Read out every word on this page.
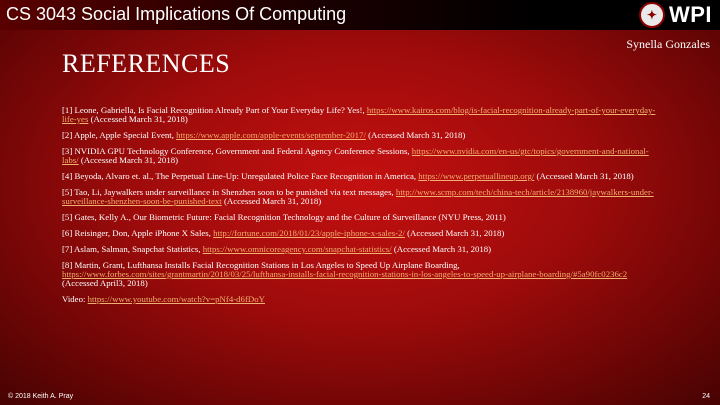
CS 3043 Social Implications Of Computing	✦ WPI
Synella Gonzales
REFERENCES
[1] Leone, Gabriella, Is Facial Recognition Already Part of Your Everyday Life? Yes!, https://www.kairos.com/blog/is-facial-recognition-already-part-of-your-everyday-life-yes (Accessed March 31, 2018)
[2] Apple, Apple Special Event, https://www.apple.com/apple-events/september-2017/ (Accessed March 31, 2018)
[3] NVIDIA GPU Technology Conference, Government and Federal Agency Conference Sessions, https://www.nvidia.com/en-us/gtc/topics/government-and-national-labs/ (Accessed March 31, 2018)
[4] Beyoda, Alvaro et. al., The Perpetual Line-Up: Unregulated Police Face Recognition in America, https://www.perpetuallineup.org/ (Accessed March 31, 2018)
[5] Tao, Li, Jaywalkers under surveillance in Shenzhen soon to be punished via text messages, http://www.scmp.com/tech/china-tech/article/2138960/jaywalkers-under-surveillance-shenzhen-soon-be-punished-text (Accessed March 31, 2018)
[5] Gates, Kelly A., Our Biometric Future: Facial Recognition Technology and the Culture of Surveillance (NYU Press, 2011)
[6] Reisinger, Don, Apple iPhone X Sales, http://fortune.com/2018/01/23/apple-iphone-x-sales-2/ (Accessed March 31, 2018)
[7] Aslam, Salman, Snapchat Statistics, https://www.omnicoreagency.com/snapchat-statistics/ (Accessed March 31, 2018)
[8] Martin, Grant, Lufthansa Installs Facial Recognition Stations in Los Angeles to Speed Up Airplane Boarding, https://www.forbes.com/sites/grantmartin/2018/03/25/lufthansa-installs-facial-recognition-stations-in-los-angeles-to-speed-up-airplane-boarding/#5a90fc0236c2 (Accessed April3, 2018)
Video: https://www.youtube.com/watch?v=pNf4-d6fDoY
© 2018 Keith A. Pray	24
